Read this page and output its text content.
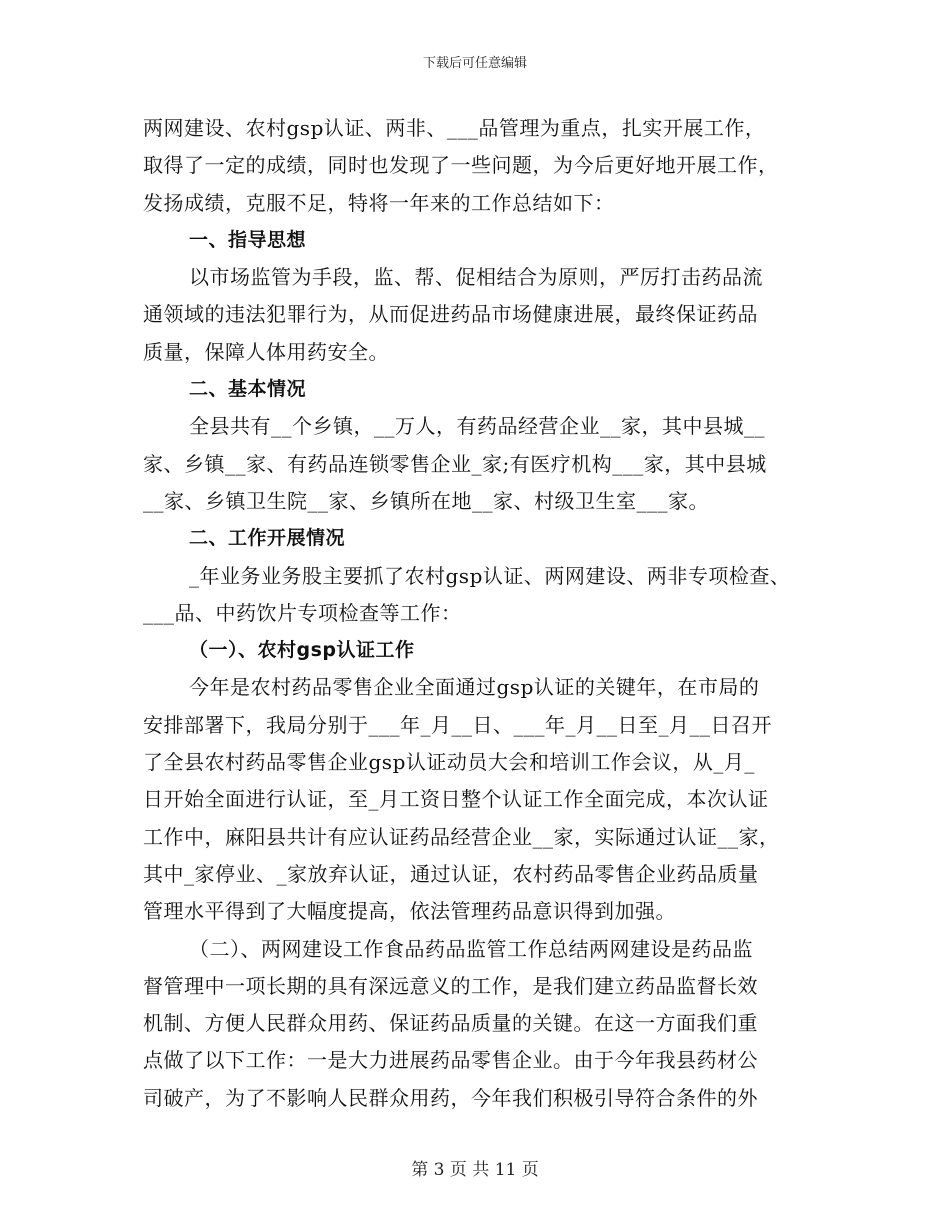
下载后可任意编辑
两网建设、农村gsp认证、两非、___品管理为重点，扎实开展工作，
取得了一定的成绩，同时也发现了一些问题，为今后更好地开展工作，
发扬成绩，克服不足，特将一年来的工作总结如下：
一、指导思想
以市场监管为手段，监、帮、促相结合为原则，严厉打击药品流
通领域的违法犯罪行为，从而促进药品市场健康进展，最终保证药品
质量，保障人体用药安全。
二、基本情况
全县共有__个乡镇，__万人，有药品经营企业__家，其中县城__
家、乡镇__家、有药品连锁零售企业_家;有医疗机构___家，其中县城
__家、乡镇卫生院__家、乡镇所在地__家、村级卫生室___家。
二、工作开展情况
_年业务业务股主要抓了农村gsp认证、两网建设、两非专项检查、
___品、中药饮片专项检查等工作：
（一）、农村gsp认证工作
今年是农村药品零售企业全面通过gsp认证的关键年，在市局的
安排部署下，我局分别于___年_月__日、___年_月__日至_月__日召开
了全县农村药品零售企业gsp认证动员大会和培训工作会议，从_月_
日开始全面进行认证，至_月工资日整个认证工作全面完成，本次认证
工作中，麻阳县共计有应认证药品经营企业__家，实际通过认证__家，
其中_家停业、_家放弃认证，通过认证，农村药品零售企业药品质量
管理水平得到了大幅度提高，依法管理药品意识得到加强。
（二）、两网建设工作食品药品监管工作总结两网建设是药品监
督管理中一项长期的具有深远意义的工作，是我们建立药品监督长效
机制、方便人民群众用药、保证药品质量的关键。在这一方面我们重
点做了以下工作：一是大力进展药品零售企业。由于今年我县药材公
司破产，为了不影响人民群众用药，今年我们积极引导符合条件的外
第 3 页 共 11 页
